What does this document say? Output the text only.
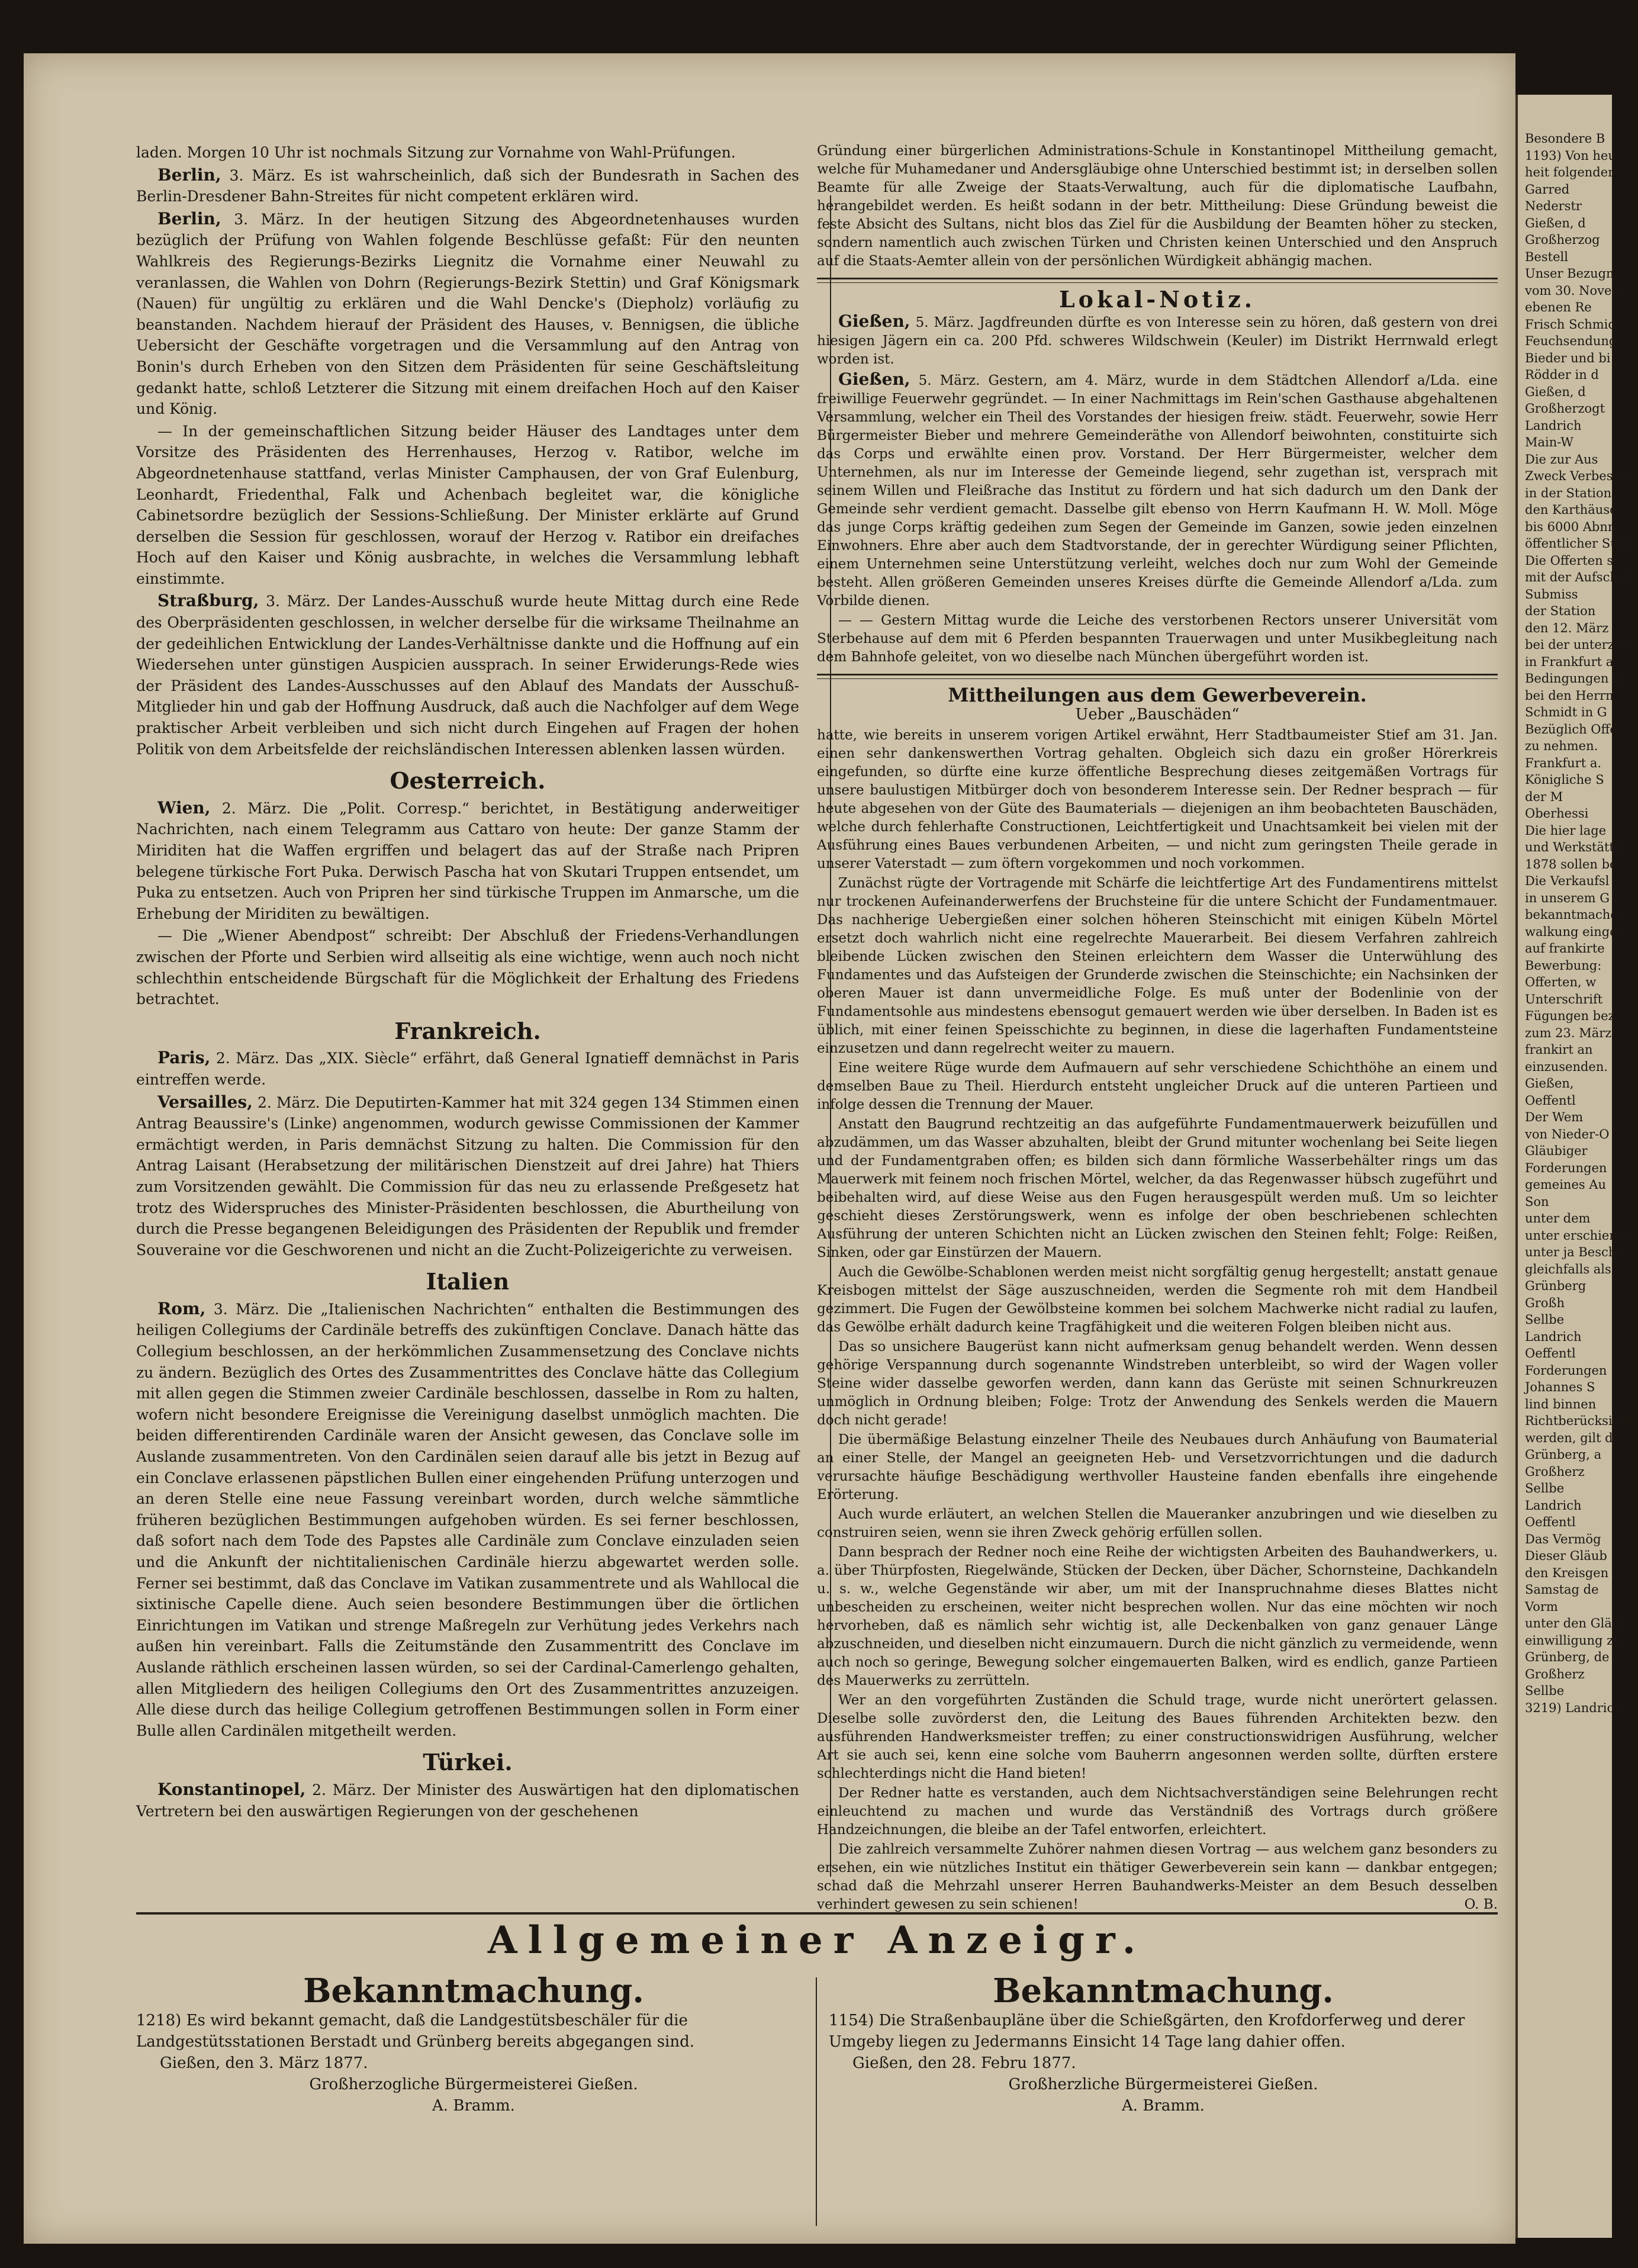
laden. Morgen 10 Uhr ist nochmals Sitzung zur Vornahme von Wahl-Prüfungen.

Berlin, 3. März. Es ist wahrscheinlich, daß sich der Bundesrath in Sachen des Berlin-Dresdener Bahn-Streites für nicht competent erklären wird.

Berlin, 3. März. In der heutigen Sitzung des Abgeordnetenhauses wurden bezüglich der Prüfung von Wahlen folgende Beschlüsse gefaßt: Für den neunten Wahlkreis des Regierungs-Bezirks Liegnitz die Vornahme einer Neuwahl zu veranlassen, die Wahlen von Dohrn (Regierungs-Bezirk Stettin) und Graf Königsmark (Nauen) für ungültig zu erklären und die Wahl Dencke's (Diepholz) vorläufig zu beanstanden. Nachdem hierauf der Präsident des Hauses, v. Bennigsen, die übliche Uebersicht der Geschäfte vorgetragen und die Versammlung auf den Antrag von Bonin's durch Erheben von den Sitzen dem Präsidenten für seine Geschäftsleitung gedankt hatte, schloß Letzterer die Sitzung mit einem dreifachen Hoch auf den Kaiser und König.

— In der gemeinschaftlichen Sitzung beider Häuser des Landtages unter dem Vorsitze des Präsidenten des Herrenhauses, Herzog v. Ratibor, welche im Abgeordnetenhause stattfand, verlas Minister Camphausen, der von Graf Eulenburg, Leonhardt, Friedenthal, Falk und Achenbach begleitet war, die königliche Cabinetsordre bezüglich der Sessions-Schließung. Der Minister erklärte auf Grund derselben die Session für geschlossen, worauf der Herzog v. Ratibor ein dreifaches Hoch auf den Kaiser und König ausbrachte, in welches die Versammlung lebhaft einstimmte.

Straßburg, 3. März. Der Landes-Ausschuß wurde heute Mittag durch eine Rede des Oberpräsidenten geschlossen, in welcher derselbe für die wirksame Theilnahme an der gedeihlichen Entwicklung der Landes-Verhältnisse dankte und die Hoffnung auf ein Wiedersehen unter günstigen Auspicien aussprach. In seiner Erwiderungs-Rede wies der Präsident des Landes-Ausschusses auf den Ablauf des Mandats der Ausschuß-Mitglieder hin und gab der Hoffnung Ausdruck, daß auch die Nachfolger auf dem Wege praktischer Arbeit verbleiben und sich nicht durch Eingehen auf Fragen der hohen Politik von dem Arbeitsfelde der reichsländischen Interessen ablenken lassen würden.

Oesterreich.

Wien, 2. März. Die „Polit. Corresp.“ berichtet, in Bestätigung anderweitiger Nachrichten, nach einem Telegramm aus Cattaro von heute: Der ganze Stamm der Miriditen hat die Waffen ergriffen und belagert das auf der Straße nach Pripren belegene türkische Fort Puka. Derwisch Pascha hat von Skutari Truppen entsendet, um Puka zu entsetzen. Auch von Pripren her sind türkische Truppen im Anmarsche, um die Erhebung der Miriditen zu bewältigen.

— Die „Wiener Abendpost“ schreibt: Der Abschluß der Friedens-Verhandlungen zwischen der Pforte und Serbien wird allseitig als eine wichtige, wenn auch noch nicht schlechthin entscheidende Bürgschaft für die Möglichkeit der Erhaltung des Friedens betrachtet.

Frankreich.

Paris, 2. März. Das „XIX. Siècle“ erfährt, daß General Ignatieff demnächst in Paris eintreffen werde.

Versailles, 2. März. Die Deputirten-Kammer hat mit 324 gegen 134 Stimmen einen Antrag Beaussire's (Linke) angenommen, wodurch gewisse Commissionen der Kammer ermächtigt werden, in Paris demnächst Sitzung zu halten. Die Commission für den Antrag Laisant (Herabsetzung der militärischen Dienstzeit auf drei Jahre) hat Thiers zum Vorsitzenden gewählt. Die Commission für das neu zu erlassende Preßgesetz hat trotz des Widerspruches des Minister-Präsidenten beschlossen, die Aburtheilung von durch die Presse begangenen Beleidigungen des Präsidenten der Republik und fremder Souveraine vor die Geschworenen und nicht an die Zucht-Polizeigerichte zu verweisen.

Italien

Rom, 3. März. Die „Italienischen Nachrichten“ enthalten die Bestimmungen des heiligen Collegiums der Cardinäle betreffs des zukünftigen Conclave. Danach hätte das Collegium beschlossen, an der herkömmlichen Zusammensetzung des Conclave nichts zu ändern. Bezüglich des Ortes des Zusammentrittes des Conclave hätte das Collegium mit allen gegen die Stimmen zweier Cardinäle beschlossen, dasselbe in Rom zu halten, wofern nicht besondere Ereignisse die Vereinigung daselbst unmöglich machten. Die beiden differentirenden Cardinäle waren der Ansicht gewesen, das Conclave solle im Auslande zusammentreten. Von den Cardinälen seien darauf alle bis jetzt in Bezug auf ein Conclave erlassenen päpstlichen Bullen einer eingehenden Prüfung unterzogen und an deren Stelle eine neue Fassung vereinbart worden, durch welche sämmtliche früheren bezüglichen Bestimmungen aufgehoben würden. Es sei ferner beschlossen, daß sofort nach dem Tode des Papstes alle Cardinäle zum Conclave einzuladen seien und die Ankunft der nichtitalienischen Cardinäle hierzu abgewartet werden solle. Ferner sei bestimmt, daß das Conclave im Vatikan zusammentrete und als Wahllocal die sixtinische Capelle diene. Auch seien besondere Bestimmungen über die örtlichen Einrichtungen im Vatikan und strenge Maßregeln zur Verhütung jedes Verkehrs nach außen hin vereinbart. Falls die Zeitumstände den Zusammentritt des Conclave im Auslande räthlich erscheinen lassen würden, so sei der Cardinal-Camerlengo gehalten, allen Mitgliedern des heiligen Collegiums den Ort des Zusammentrittes anzuzeigen. Alle diese durch das heilige Collegium getroffenen Bestimmungen sollen in Form einer Bulle allen Cardinälen mitgetheilt werden.

Türkei.

Konstantinopel, 2. März. Der Minister des Auswärtigen hat den diplomatischen Vertretern bei den auswärtigen Regierungen von der geschehenen

Gründung einer bürgerlichen Administrations-Schule in Konstantinopel Mittheilung gemacht, welche für Muhamedaner und Andersgläubige ohne Unterschied bestimmt ist; in derselben sollen Beamte für alle Zweige der Staats-Verwaltung, auch für die diplomatische Laufbahn, herangebildet werden. Es heißt sodann in der betr. Mittheilung: Diese Gründung beweist die feste Absicht des Sultans, nicht blos das Ziel für die Ausbildung der Beamten höher zu stecken, sondern namentlich auch zwischen Türken und Christen keinen Unterschied und den Anspruch auf die Staats-Aemter allein von der persönlichen Würdigkeit abhängig machen.

Lokal-Notiz.

Gießen, 5. März. Jagdfreunden dürfte es von Interesse sein zu hören, daß gestern von drei hiesigen Jägern ein ca. 200 Pfd. schweres Wildschwein (Keuler) im Distrikt Herrnwald erlegt worden ist.

Gießen, 5. März. Gestern, am 4. März, wurde in dem Städtchen Allendorf a/Lda. eine freiwillige Feuerwehr gegründet. — In einer Nachmittags im Rein'schen Gasthause abgehaltenen Versammlung, welcher ein Theil des Vorstandes der hiesigen freiw. städt. Feuerwehr, sowie Herr Bürgermeister Bieber und mehrere Gemeinderäthe von Allendorf beiwohnten, constituirte sich das Corps und erwählte einen prov. Vorstand. Der Herr Bürgermeister, welcher dem Unternehmen, als nur im Interesse der Gemeinde liegend, sehr zugethan ist, versprach mit seinem Willen und Fleißrache das Institut zu fördern und hat sich dadurch um den Dank der Gemeinde sehr verdient gemacht. Dasselbe gilt ebenso von Herrn Kaufmann H. W. Moll. Möge das junge Corps kräftig gedeihen zum Segen der Gemeinde im Ganzen, sowie jeden einzelnen Einwohners. Ehre aber auch dem Stadtvorstande, der in gerechter Würdigung seiner Pflichten, einem Unternehmen seine Unterstützung verleiht, welches doch nur zum Wohl der Gemeinde besteht. Allen größeren Gemeinden unseres Kreises dürfte die Gemeinde Allendorf a/Lda. zum Vorbilde dienen.

— — Gestern Mittag wurde die Leiche des verstorbenen Rectors unserer Universität vom Sterbehause auf dem mit 6 Pferden bespannten Trauerwagen und unter Musikbegleitung nach dem Bahnhofe geleitet, von wo dieselbe nach München übergeführt worden ist.

Mittheilungen aus dem Gewerbeverein.
Ueber „Bauschäden“

hatte, wie bereits in unserem vorigen Artikel erwähnt, Herr Stadtbaumeister Stief am 31. Jan. einen sehr dankenswerthen Vortrag gehalten. Obgleich sich dazu ein großer Hörerkreis eingefunden, so dürfte eine kurze öffentliche Besprechung dieses zeitgemäßen Vortrags für unsere baulustigen Mitbürger doch von besonderem Interesse sein. Der Redner besprach — für heute abgesehen von der Güte des Baumaterials — diejenigen an ihm beobachteten Bauschäden, welche durch fehlerhafte Constructionen, Leichtfertigkeit und Unachtsamkeit bei vielen mit der Ausführung eines Baues verbundenen Arbeiten, — und nicht zum geringsten Theile gerade in unserer Vaterstadt — zum öftern vorgekommen und noch vorkommen.

Zunächst rügte der Vortragende mit Schärfe die leichtfertige Art des Fundamentirens mittelst nur trockenen Aufeinanderwerfens der Bruchsteine für die untere Schicht der Fundamentmauer. Das nachherige Uebergießen einer solchen höheren Steinschicht mit einigen Kübeln Mörtel ersetzt doch wahrlich nicht eine regelrechte Mauerarbeit. Bei diesem Verfahren zahlreich bleibende Lücken zwischen den Steinen erleichtern dem Wasser die Unterwühlung des Fundamentes und das Aufsteigen der Grunderde zwischen die Steinschichte; ein Nachsinken der oberen Mauer ist dann unvermeidliche Folge. Es muß unter der Bodenlinie von der Fundamentsohle aus mindestens ebensogut gemauert werden wie über derselben. In Baden ist es üblich, mit einer feinen Speisschichte zu beginnen, in diese die lagerhaften Fundamentsteine einzusetzen und dann regelrecht weiter zu mauern.

Eine weitere Rüge wurde dem Aufmauern auf sehr verschiedene Schichthöhe an einem und demselben Baue zu Theil. Hierdurch entsteht ungleicher Druck auf die unteren Partieen und infolge dessen die Trennung der Mauer.

Anstatt den Baugrund rechtzeitig an das aufgeführte Fundamentmauerwerk beizufüllen und abzudämmen, um das Wasser abzuhalten, bleibt der Grund mitunter wochenlang bei Seite liegen und der Fundamentgraben offen; es bilden sich dann förmliche Wasserbehälter rings um das Mauerwerk mit feinem noch frischen Mörtel, welcher, da das Regenwasser hübsch zugeführt und beibehalten wird, auf diese Weise aus den Fugen herausgespült werden muß. Um so leichter geschieht dieses Zerstörungswerk, wenn es infolge der oben beschriebenen schlechten Ausführung der unteren Schichten nicht an Lücken zwischen den Steinen fehlt; Folge: Reißen, Sinken, oder gar Einstürzen der Mauern.

Auch die Gewölbe-Schablonen werden meist nicht sorgfältig genug hergestellt; anstatt genaue Kreisbogen mittelst der Säge auszuschneiden, werden die Segmente roh mit dem Handbeil gezimmert. Die Fugen der Gewölbsteine kommen bei solchem Machwerke nicht radial zu laufen, das Gewölbe erhält dadurch keine Tragfähigkeit und die weiteren Folgen bleiben nicht aus.

Das so unsichere Baugerüst kann nicht aufmerksam genug behandelt werden. Wenn dessen gehörige Verspannung durch sogenannte Windstreben unterbleibt, so wird der Wagen voller Steine wider dasselbe geworfen werden, dann kann das Gerüste mit seinen Schnurkreuzen unmöglich in Ordnung bleiben; Folge: Trotz der Anwendung des Senkels werden die Mauern doch nicht gerade!

Die übermäßige Belastung einzelner Theile des Neubaues durch Anhäufung von Baumaterial an einer Stelle, der Mangel an geeigneten Heb- und Versetzvorrichtungen und die dadurch verursachte häufige Beschädigung werthvoller Hausteine fanden ebenfalls ihre eingehende Erörterung.

Auch wurde erläutert, an welchen Stellen die Maueranker anzubringen und wie dieselben zu construiren seien, wenn sie ihren Zweck gehörig erfüllen sollen.

Dann besprach der Redner noch eine Reihe der wichtigsten Arbeiten des Bauhandwerkers, u. a. über Thürpfosten, Riegelwände, Stücken der Decken, über Dächer, Schornsteine, Dachkandeln u. s. w., welche Gegenstände wir aber, um mit der Inanspruchnahme dieses Blattes nicht unbescheiden zu erscheinen, weiter nicht besprechen wollen. Nur das eine möchten wir noch hervorheben, daß es nämlich sehr wichtig ist, alle Deckenbalken von ganz genauer Länge abzuschneiden, und dieselben nicht einzumauern. Durch die nicht gänzlich zu vermeidende, wenn auch noch so geringe, Bewegung solcher eingemauerten Balken, wird es endlich, ganze Partieen des Mauerwerks zu zerrütteln.

Wer an den vorgeführten Zuständen die Schuld trage, wurde nicht unerörtert gelassen. Dieselbe solle zuvörderst den, die Leitung des Baues führenden Architekten bezw. den ausführenden Handwerksmeister treffen; zu einer constructionswidrigen Ausführung, welcher Art sie auch sei, kenn eine solche vom Bauherrn angesonnen werden sollte, dürften erstere schlechterdings nicht die Hand bieten!

Der Redner hatte es verstanden, auch dem Nichtsachverständigen seine Belehrungen recht einleuchtend zu machen und wurde das Verständniß des Vortrags durch größere Handzeichnungen, die bleibe an der Tafel entworfen, erleichtert.

Die zahlreich versammelte Zuhörer nahmen diesen Vortrag — aus welchem ganz besonders zu ersehen, ein wie nützliches Institut ein thätiger Gewerbeverein sein kann — dankbar entgegen; schad daß die Mehrzahl unserer Herren Bauhandwerks-Meister an dem Besuch desselben verhindert gewesen zu sein schienen!	O. B.

Allgemeiner Anzeigr.
Bekanntmachung.

1218) Es wird bekannt gemacht, daß die Landgestütsbeschäler für die Landgestütsstationen Berstadt und Grünberg bereits abgegangen sind.

Gießen, den 3. März 1877.

Großherzogliche Bürgermeisterei Gießen.

A. Bramm.

Bekanntmachung.

1154) Die Straßenbaupläne über die Schießgärten, den Krofdorferweg und derer Umgeby liegen zu Jedermanns Einsicht 14 Tage lang dahier offen.

Gießen, den 28. Febru 1877.

Großherzliche Bürgermeisterei Gießen.

A. Bramm.

Besondere B
1193) Von heu
heit folgender
Garred
Nederstr
Gießen, d
Großherzog
Bestell
Unser Bezugn
vom 30. Novem
ebenen Re
Frisch Schmid
Feuchsendung
Bieder und bi
Rödder in d
Gießen, d
Großherzogt
Landrich
Main-W
Die zur Aus
Zweck Verbesse
in der Station
den Karthäuse
bis 6000 Abnn
öffentlicher Subm
Die Offerten si
mit der Aufschrift
Submiss
der Station
den 12. März
bei der unterzeic
in Frankfurt a.
Bedingungen un
bei den Herrn
Schmidt in G
Bezüglich Offe
zu nehmen.
Frankfurt a.
Königliche S
der M
Oberhessi
Die hier lage
und Werkstätte
1878 sollen bei
Die Verkaufsl
in unserem G
bekanntmachen
walkung einges
auf frankirte
Bewerbung:
Offerten, w
Unterschrift
Fügungen bezi
zum 23. März
frankirt an
einzusenden.
Gießen,
Oeffentl
Der Wem
von Nieder-O
Gläubiger
Forderungen
gemeines Au
Son
unter dem
unter erschienen
unter ja Beschl
gleichfalls als
Grünberg
Großh
Sellbe
Landrich
Oeffentl
Forderungen
Johannes S
lind binnen
Richtberücksicht
werden, gilt d
Grünberg, a
Großherz
Sellbe
Landrich
Oeffentl
Das Vermög
Dieser Gläub
den Kreisgen
Samstag de
Vorm
unter den Gläub
einwilligung zu
Grünberg, de
Großherz
Sellbe
3219) Landrich
